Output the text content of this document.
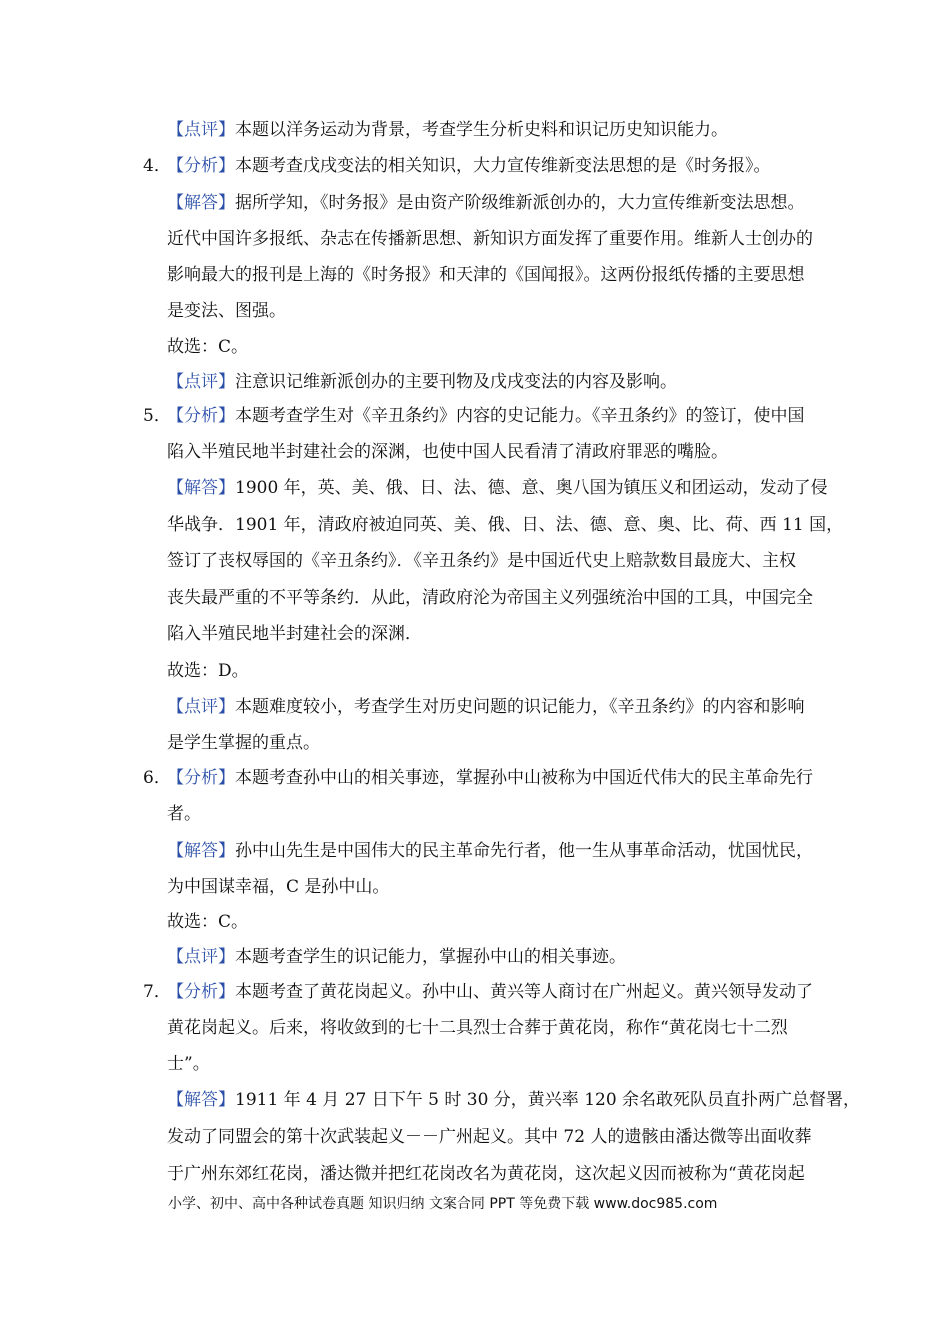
【点评】本题以洋务运动为背景，考查学生分析史料和识记历史知识能力。
4．
【分析】本题考查戊戌变法的相关知识，大力宣传维新变法思想的是《时务报》。
【解答】据所学知，《时务报》是由资产阶级维新派创办的，大力宣传维新变法思想。
近代中国许多报纸、杂志在传播新思想、新知识方面发挥了重要作用。维新人士创办的
影响最大的报刊是上海的《时务报》和天津的《国闻报》。这两份报纸传播的主要思想
是变法、图强。
故选：C。
【点评】注意识记维新派创办的主要刊物及戊戌变法的内容及影响。
5．
【分析】本题考查学生对《辛丑条约》内容的史记能力。《辛丑条约》的签订，使中国
陷入半殖民地半封建社会的深渊，也使中国人民看清了清政府罪恶的嘴脸。
【解答】1900 年，英、美、俄、日、法、德、意、奥八国为镇压义和团运动，发动了侵
华战争．1901 年，清政府被迫同英、美、俄、日、法、德、意、奥、比、荷、西 11 国，
签订了丧权辱国的《辛丑条约》．《辛丑条约》是中国近代史上赔款数目最庞大、主权
丧失最严重的不平等条约．从此，清政府沦为帝国主义列强统治中国的工具，中国完全
陷入半殖民地半封建社会的深渊．
故选：D。
【点评】本题难度较小，考查学生对历史问题的识记能力，《辛丑条约》的内容和影响
是学生掌握的重点。
6．
【分析】本题考查孙中山的相关事迹，掌握孙中山被称为中国近代伟大的民主革命先行
者。
【解答】孙中山先生是中国伟大的民主革命先行者，他一生从事革命活动，忧国忧民，
为中国谋幸福，C 是孙中山。
故选：C。
【点评】本题考查学生的识记能力，掌握孙中山的相关事迹。
7．
【分析】本题考查了黄花岗起义。孙中山、黄兴等人商讨在广州起义。黄兴领导发动了
黄花岗起义。后来，将收敛到的七十二具烈士合葬于黄花岗，称作“黄花岗七十二烈
士”。
【解答】1911 年 4 月 27 日下午 5 时 30 分，黄兴率 120 余名敢死队员直扑两广总督署，
发动了同盟会的第十次武装起义－－广州起义。其中 72 人的遗骸由潘达微等出面收葬
于广州东郊红花岗，潘达微并把红花岗改名为黄花岗，这次起义因而被称为“黄花岗起
小学、初中、高中各种试卷真题 知识归纳 文案合同 PPT 等免费下载 www.doc985.com
